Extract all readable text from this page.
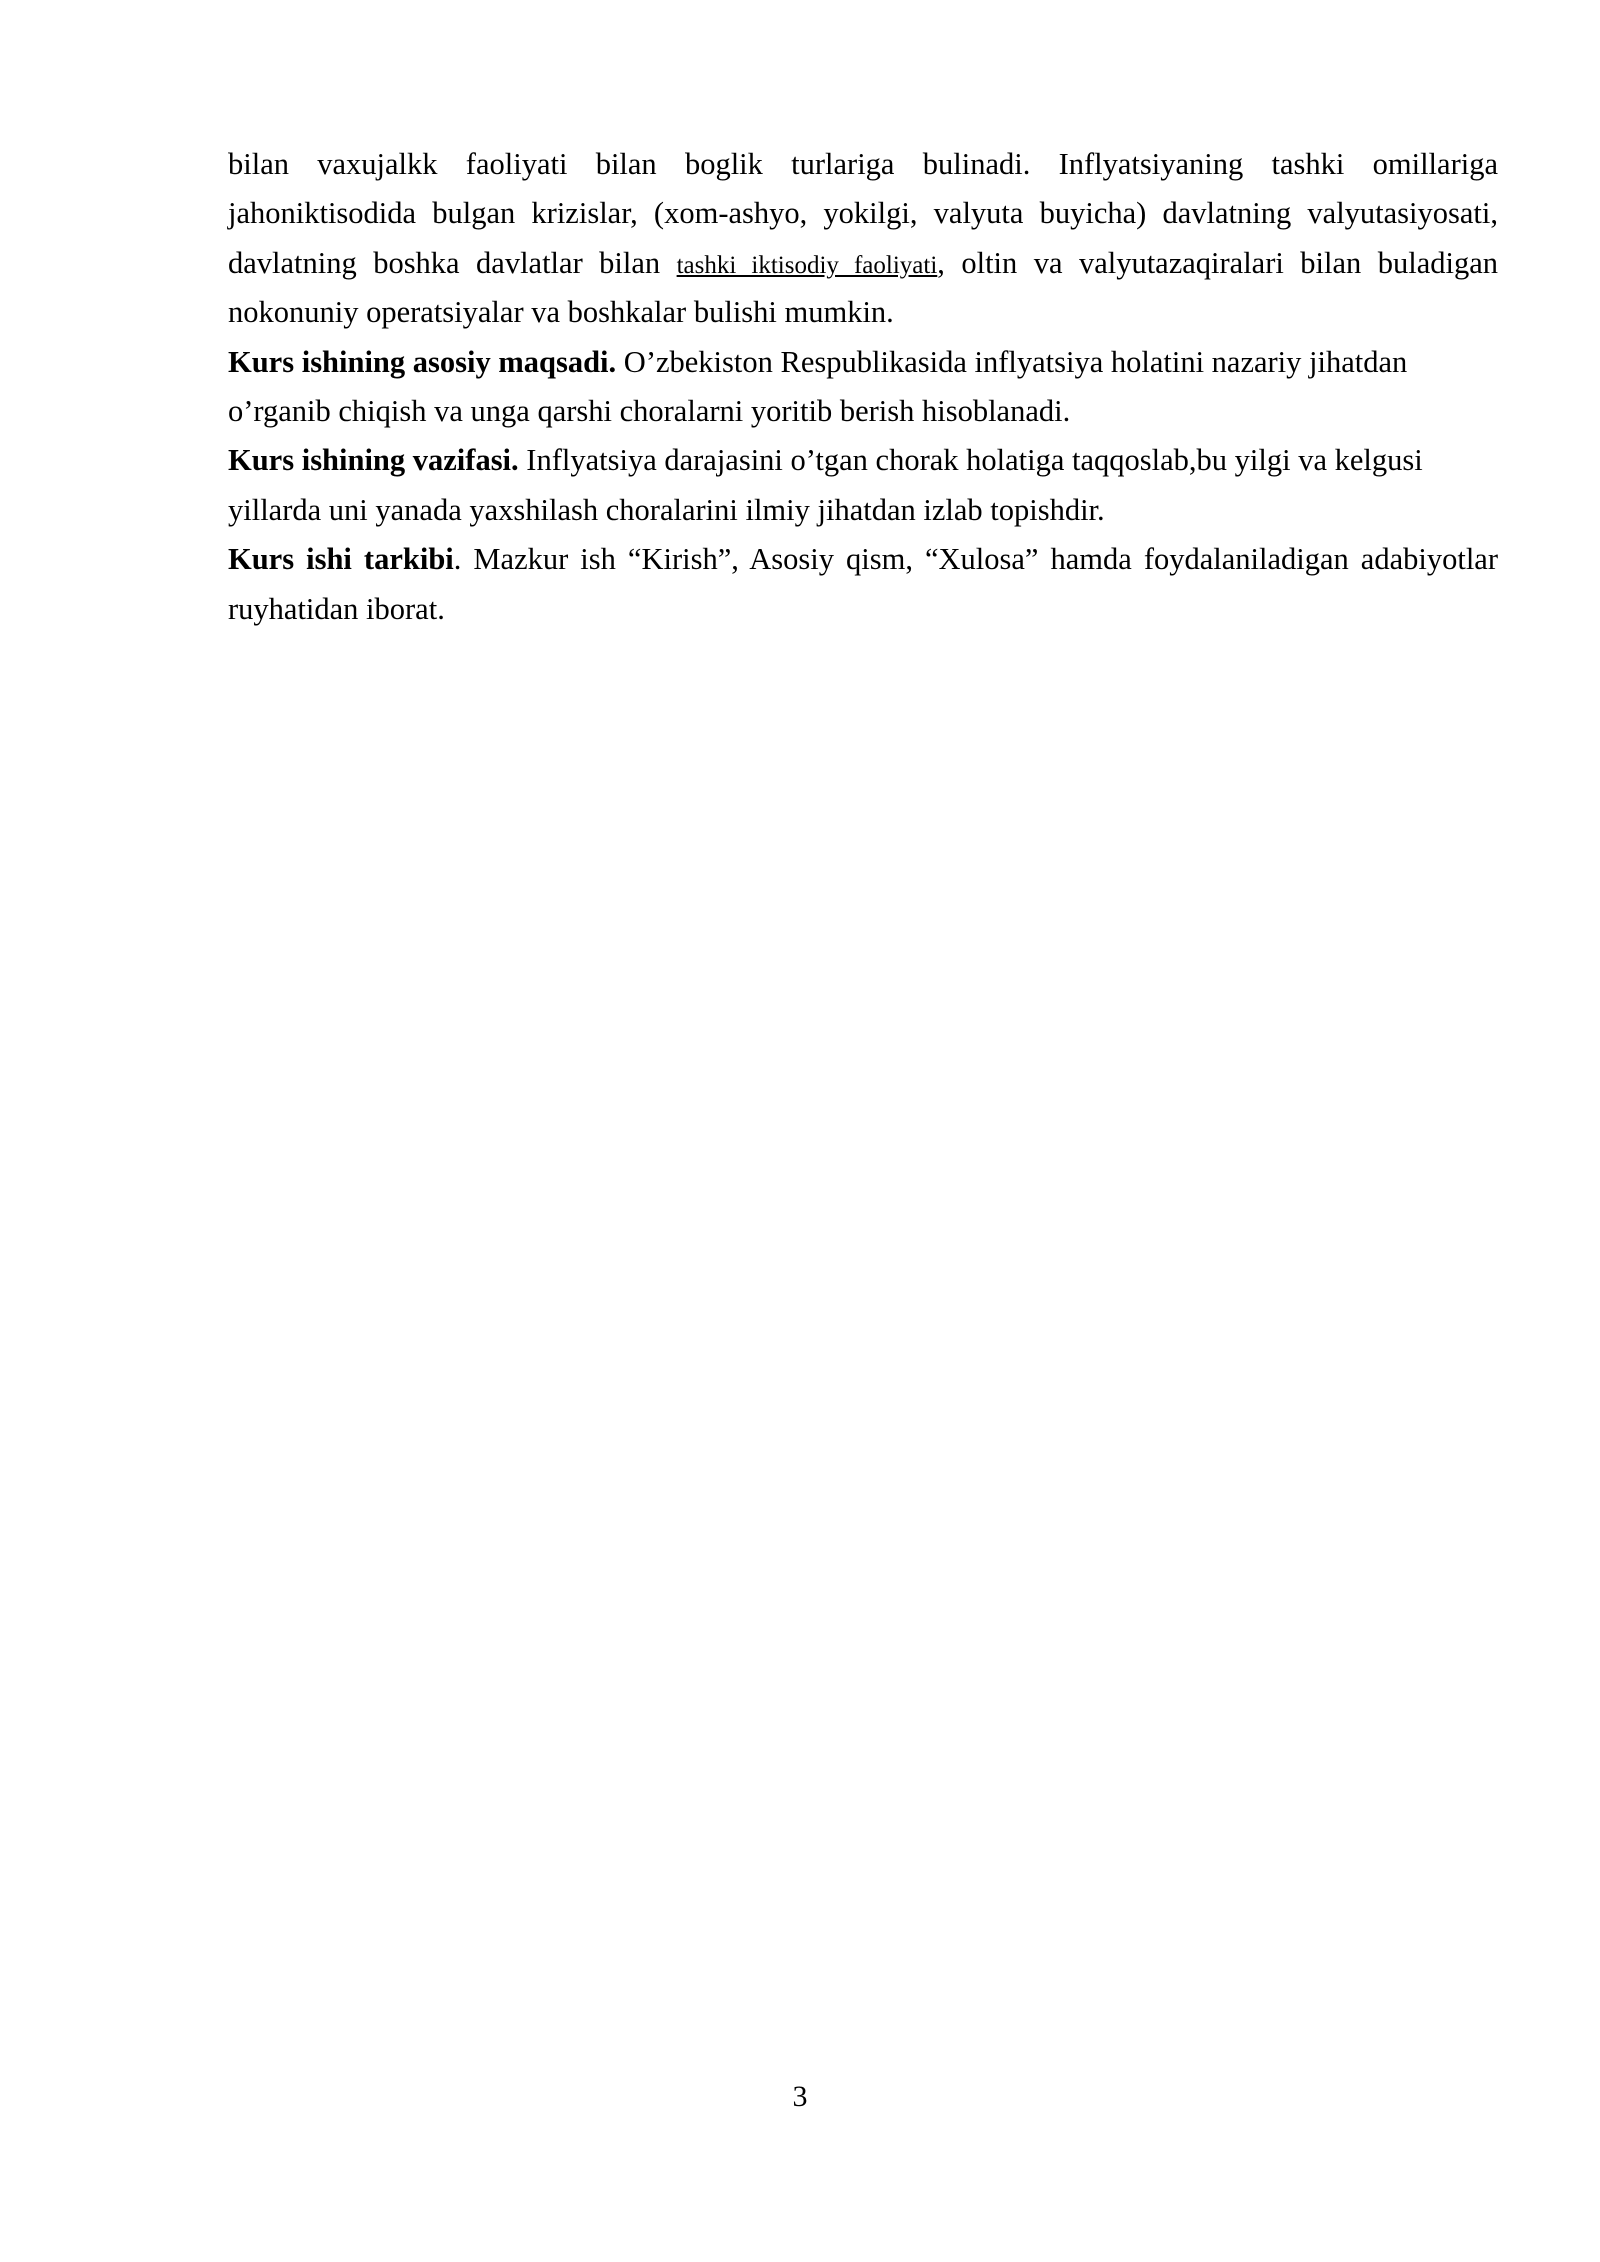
bilan vaxujalkk faoliyati bilan boglik turlariga bulinadi. Inflyatsiyaning tashki omillariga jahoniktisodida bulgan krizislar, (xom-ashyo, yokilgi, valyuta buyicha) davlatning valyutasiyosati, davlatning boshka davlatlar bilan tashki iktisodiy faoliyati, oltin va valyutazaqiralari bilan buladigan nokonuniy operatsiyalar va boshkalar bulishi mumkin.

Kurs ishining asosiy maqsadi. O’zbekiston Respublikasida inflyatsiya holatini nazariy jihatdan o’rganib chiqish va unga qarshi choralarni yoritib berish hisoblanadi.

Kurs ishining vazifasi. Inflyatsiya darajasini o’tgan chorak holatiga taqqoslab,bu yilgi va kelgusi yillarda uni yanada yaxshilash choralarini ilmiy jihatdan izlab topishdir.

Kurs ishi tarkibi. Mazkur ish “Kirish”, Asosiy qism, “Xulosa” hamda foydalaniladigan adabiyotlar ruyhatidan iborat.

3
